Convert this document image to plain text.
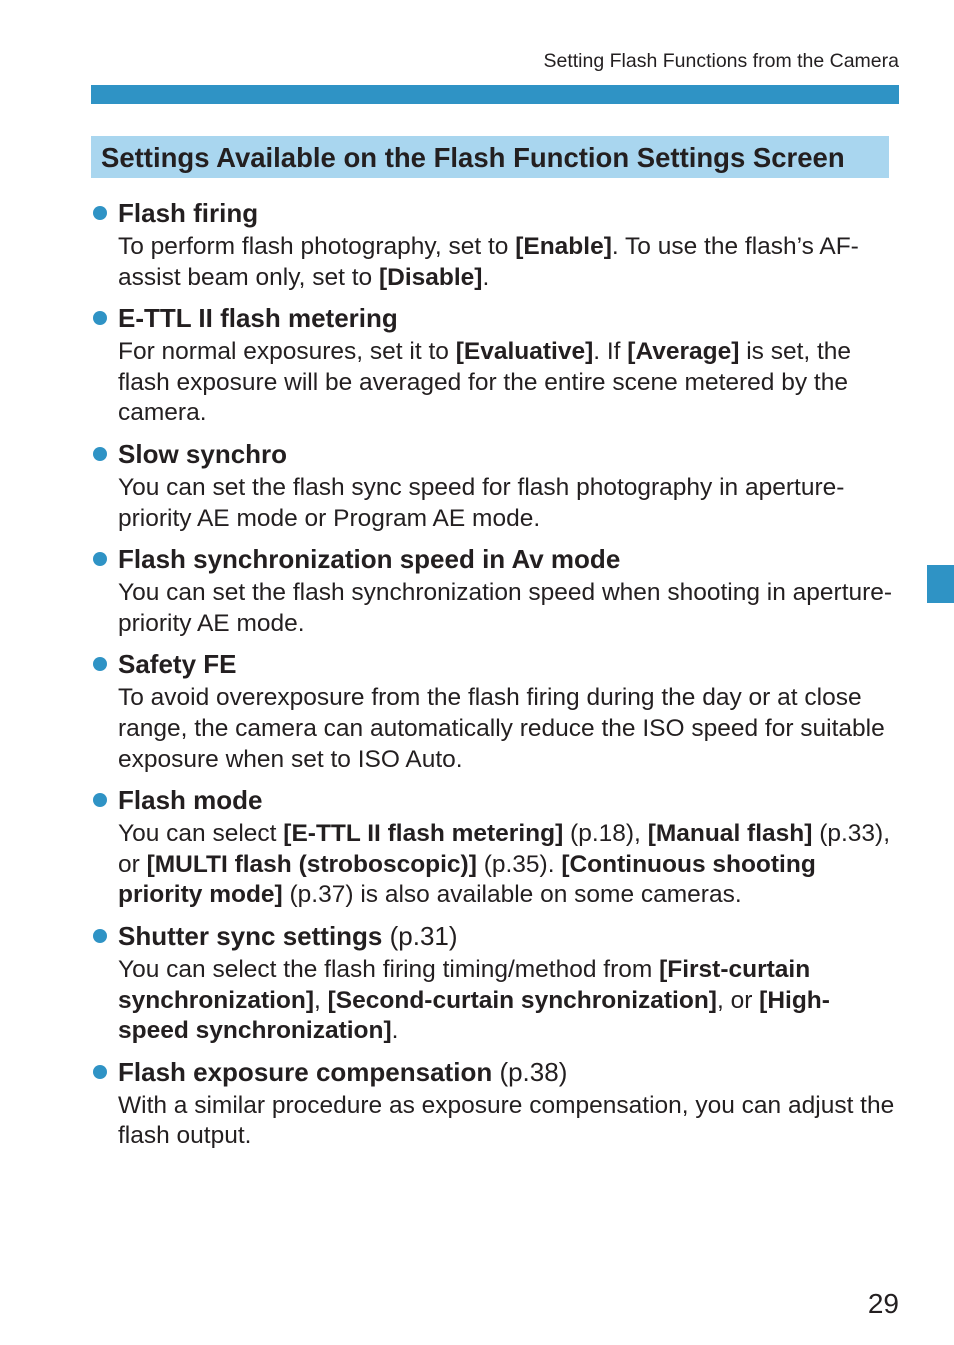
Setting Flash Functions from the Camera
Settings Available on the Flash Function Settings Screen
Flash firing
To perform flash photography, set to [Enable]. To use the flash’s AF-assist beam only, set to [Disable].
E-TTL II flash metering
For normal exposures, set it to [Evaluative]. If [Average] is set, the flash exposure will be averaged for the entire scene metered by the camera.
Slow synchro
You can set the flash sync speed for flash photography in aperture-priority AE mode or Program AE mode.
Flash synchronization speed in Av mode
You can set the flash synchronization speed when shooting in aperture-priority AE mode.
Safety FE
To avoid overexposure from the flash firing during the day or at close range, the camera can automatically reduce the ISO speed for suitable exposure when set to ISO Auto.
Flash mode
You can select [E-TTL II flash metering] (p.18), [Manual flash] (p.33), or [MULTI flash (stroboscopic)] (p.35). [Continuous shooting priority mode] (p.37) is also available on some cameras.
Shutter sync settings (p.31)
You can select the flash firing timing/method from [First-curtain synchronization], [Second-curtain synchronization], or [High-speed synchronization].
Flash exposure compensation (p.38)
With a similar procedure as exposure compensation, you can adjust the flash output.
29
